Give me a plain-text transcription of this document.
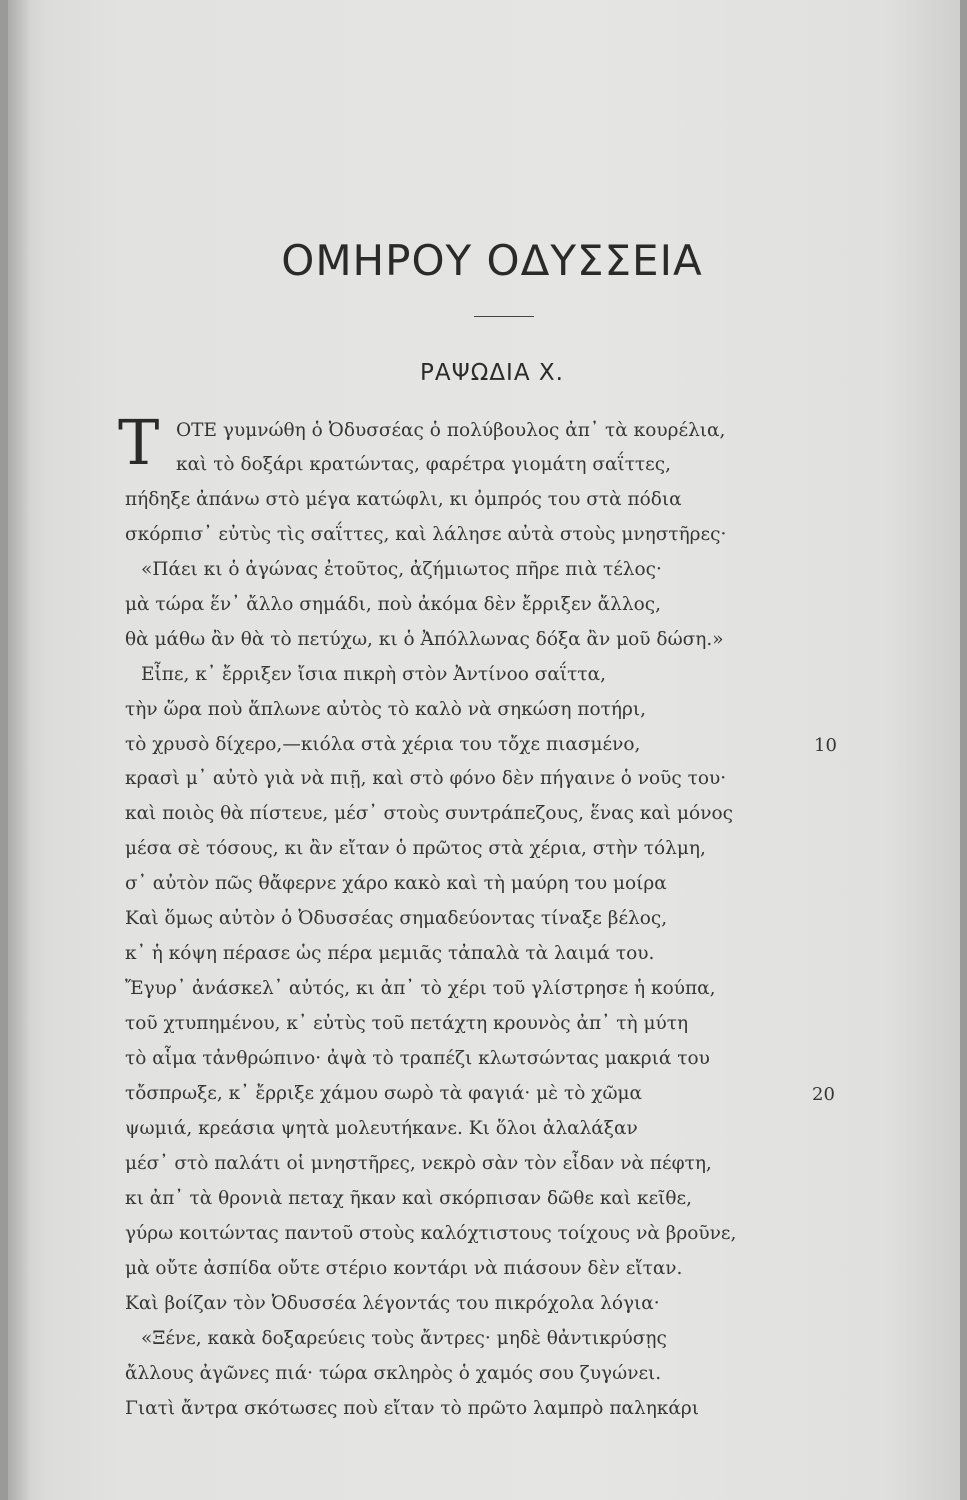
ΟΜΗΡΟΥ ΟΔΥΣΣΕΙΑ
ΡΑΨΩΔΙΑ Χ.
Τ ΟΤΕ γυμνώθη ὁ Ὀδυσσέας ὁ πολύβουλος ἀπ᾽ τὰ κουρέλια,
καὶ τὸ δοξάρι κρατώντας, φαρέτρα γιομάτη σαΐττες,
πήδηξε ἀπάνω στὸ μέγα κατώφλι, κι ὀμπρός του στὰ πόδια
σκόρπισ᾽ εὐτὺς τὶς σαΐττες, καὶ λάλησε αὐτὰ στοὺς μνηστῆρες·
«Πάει κι ὁ ἀγώνας ἐτοῦτος, ἀζήμιωτος πῆρε πιὰ τέλος·
μὰ τώρα ἕν᾽ ἄλλο σημάδι, ποὺ ἀκόμα δὲν ἔρριξεν ἄλλος,
θὰ μάθω ἂν θὰ τὸ πετύχω, κι ὁ Ἀπόλλωνας δόξα ἂν μοῦ δώση.»
Εἶπε, κ᾽ ἔρριξεν ἴσια πικρὴ στὸν Ἀντίνοο σαΐττα,
τὴν ὥρα ποὺ ἅπλωνε αὐτὸς τὸ καλὸ νὰ σηκώση ποτήρι,
τὸ χρυσὸ δίχερο,—κιόλα στὰ χέρια του τὄχε πιασμένο,	10
κρασὶ μ᾽ αὐτὸ γιὰ νὰ πιῇ, καὶ στὸ φόνο δὲν πήγαινε ὁ νοῦς του·
καὶ ποιὸς θὰ πίστευε, μέσ᾽ στοὺς συντράπεζους, ἕνας καὶ μόνος
μέσα σὲ τόσους, κι ἂν εἴταν ὁ πρῶτος στὰ χέρια, στὴν τόλμη,
σ᾽ αὐτὸν πῶς θἄφερνε χάρο κακὸ καὶ τὴ μαύρη του μοίρα
Καὶ ὅμως αὐτὸν ὁ Ὀδυσσέας σημαδεύοντας τίναξε βέλος,
κ᾽ ἡ κόψη πέρασε ὡς πέρα μεμιᾶς τἀπαλὰ τὰ λαιμά του.
Ἔγυρ᾽ ἀνάσκελ᾽ αὐτός, κι ἀπ᾽ τὸ χέρι τοῦ γλίστρησε ἡ κούπα,
τοῦ χτυπημένου, κ᾽ εὐτὺς τοῦ πετάχτη κρουνὸς ἀπ᾽ τὴ μύτη
τὸ αἷμα τἀνθρώπινο· ἀψὰ τὸ τραπέζι κλωτσώντας μακριά του
τὄσπρωξε, κ᾽ ἔρριξε χάμου σωρὸ τὰ φαγιά· μὲ τὸ χῶμα	20
ψωμιά, κρεάσια ψητὰ μολευτήκανε. Κι ὅλοι ἀλαλάξαν
μέσ᾽ στὸ παλάτι οἱ μνηστῆρες, νεκρὸ σὰν τὸν εἶδαν νὰ πέφτη,
κι ἀπ᾽ τὰ θρονιὰ πεταχ ῆκαν καὶ σκόρπισαν δῶθε καὶ κεῖθε,
γύρω κοιτώντας παντοῦ στοὺς καλόχτιστους τοίχους νὰ βροῦνε,
μὰ οὔτε ἀσπίδα οὔτε στέριο κοντάρι νὰ πιάσουν δὲν εἴταν.
Καὶ βοίζαν τὸν Ὀδυσσέα λέγοντάς του πικρόχολα λόγια·
«Ξένε, κακὰ δοξαρεύεις τοὺς ἄντρες· μηδὲ θἀντικρύσῃς
ἄλλους ἀγῶνες πιά· τώρα σκληρὸς ὁ χαμός σου ζυγώνει.
Γιατὶ ἄντρα σκότωσες ποὺ εἴταν τὸ πρῶτο λαμπρὸ παληκάρι
